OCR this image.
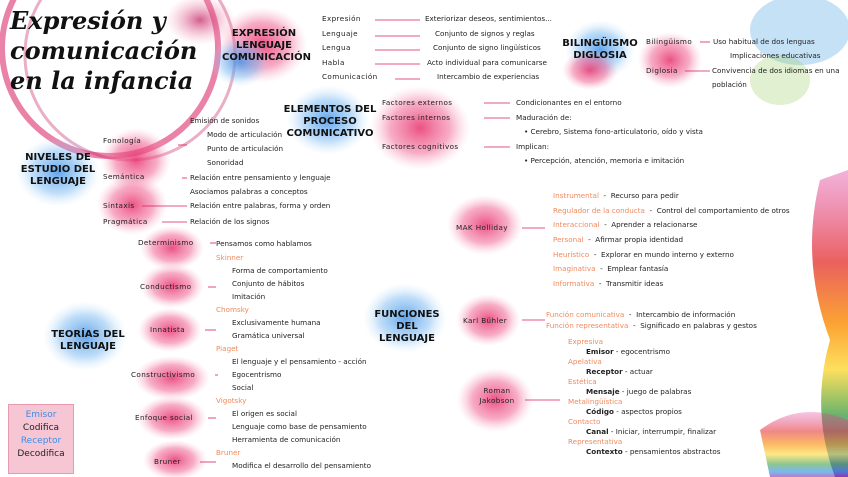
Expresión y
comunicación
en la infancia
EXPRESIÓN
LENGUAJE
COMUNICACIÓN
Expresión
Lenguaje
Lengua
Habla
Comunicación
Exteriorizar deseos, sentimientos...
Conjunto de signos y reglas
Conjunto de signo lingüísticos
Acto individual para comunicarse
Intercambio de experiencias
BILINGÜISMO
DIGLOSIA
Bilingüismo
Diglosia
Uso habitual de dos lenguas
Implicaciones educativas
Convivencia de dos idiomas en una
población
ELEMENTOS DEL
PROCESO
COMUNICATIVO
Factores externos
Factores internos
Factores cognitivos
Condicionantes en el entorno
Maduración de:
• Cerebro, Sistema fono-articulatorio, oído y vista
Implican:
• Percepción, atención, memoria e imitación
NIVELES DE
ESTUDIO DEL
LENGUAJE
Fonología
Semántica
Sintaxis
Pragmática
Emisión de sonidos
Modo de articulación
Punto de articulación
Sonoridad
Relación entre pensamiento y lenguaje
Asociamos palabras a conceptos
Relación entre palabras, forma y orden
Relación de los signos
TEORÍAS DEL
LENGUAJE
Determinismo
Conductismo
Innatista
Constructivismo
Enfoque social
Bruner
Pensamos como hablamos
Skinner
Forma de comportamiento
Conjunto de hábitos
Imitación
Chomsky
Exclusivamente humana
Gramática universal
Piaget
El lenguaje y el pensamiento - acción
Egocentrismo
Social
Vigotsky
El origen es social
Lenguaje como base de pensamiento
Herramienta de comunicación
Bruner
Modifica el desarrollo del pensamiento
FUNCIONES DEL
LENGUAJE
MAK Holliday
Instrumental  -  Recurso para pedir
Regulador de la conducta  -  Control del comportamiento de otros
Interaccional  -  Aprender a relacionarse
Personal  -  Afirmar propia identidad
Heurístico  -  Explorar en mundo interno y externo
Imaginativa  -  Emplear fantasía
Informativa  -  Transmitir ideas
Karl Bühler
Función comunicativa  -  Intercambio de información
Función representativa  -  Significado en palabras y gestos
Roman
Jakobson
Expresiva
Emisor - egocentrismo
Apelativa
Receptor - actuar
Estética
Mensaje - juego de palabras
Metalingüística
Código - aspectos propios
Contacto
Canal - Iniciar, interrumpir, finalizar
Representativa
Contexto - pensamientos abstractos
Emisor
Codifica
Receptor
Decodifica
